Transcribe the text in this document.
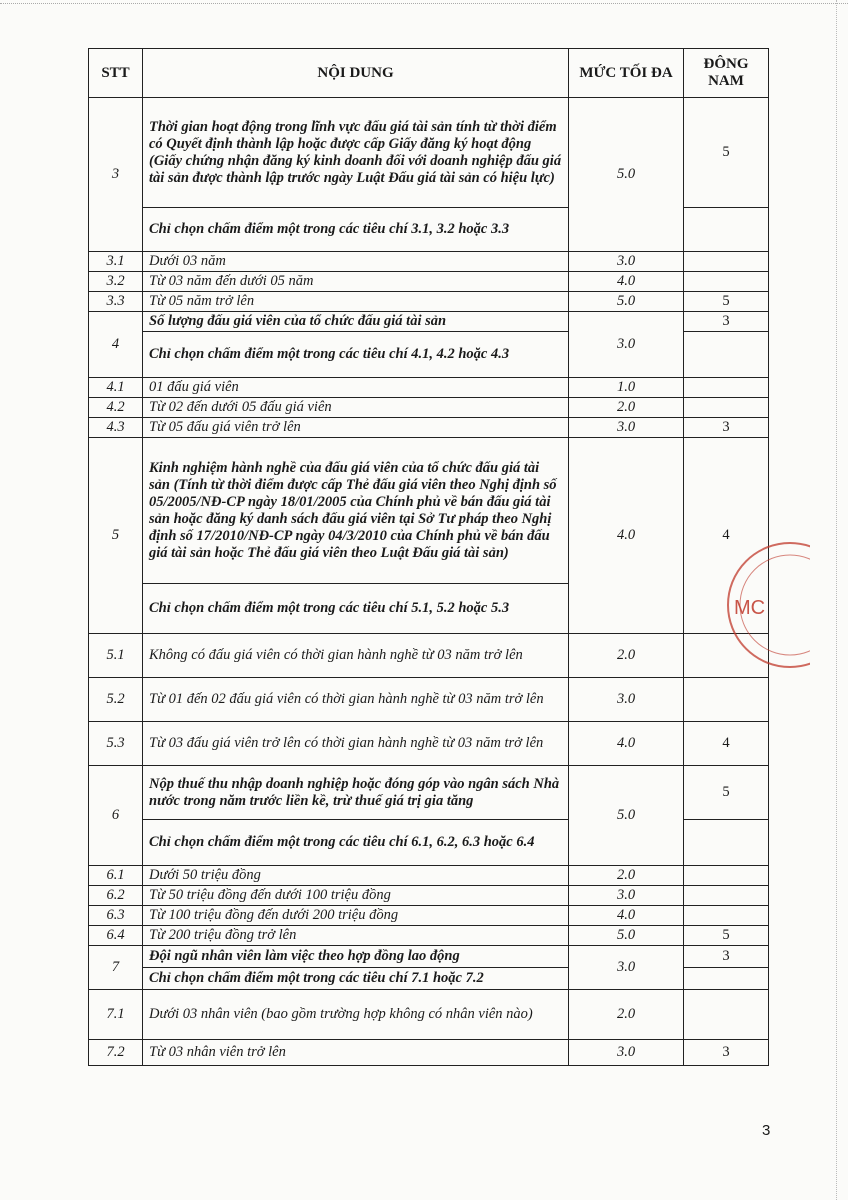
STT	NỘI DUNG	MỨC TỐI ĐA	ĐÔNG NAM
3	Thời gian hoạt động trong lĩnh vực đấu giá tài sản tính từ thời điểm có Quyết định thành lập hoặc được cấp Giấy đăng ký hoạt động (Giấy chứng nhận đăng ký kinh doanh đối với doanh nghiệp đấu giá tài sản được thành lập trước ngày Luật Đấu giá tài sản có hiệu lực)	5.0	5
	Chỉ chọn chấm điểm một trong các tiêu chí 3.1, 3.2 hoặc 3.3		
3.1	Dưới 03 năm	3.0	
3.2	Từ 03 năm đến dưới 05 năm	4.0	
3.3	Từ 05 năm trở lên	5.0	5
4	Số lượng đấu giá viên của tổ chức đấu giá tài sản	3.0	3
	Chỉ chọn chấm điểm một trong các tiêu chí 4.1, 4.2 hoặc 4.3		
4.1	01 đấu giá viên	1.0	
4.2	Từ 02 đến dưới 05 đấu giá viên	2.0	
4.3	Từ 05 đấu giá viên trở lên	3.0	3
5	Kinh nghiệm hành nghề của đấu giá viên của tổ chức đấu giá tài sản (Tính từ thời điểm được cấp Thẻ đấu giá viên theo Nghị định số 05/2005/NĐ-CP ngày 18/01/2005 của Chính phủ về bán đấu giá tài sản hoặc đăng ký danh sách đấu giá viên tại Sở Tư pháp theo Nghị định số 17/2010/NĐ-CP ngày 04/3/2010 của Chính phủ về bán đấu giá tài sản hoặc Thẻ đấu giá viên theo Luật Đấu giá tài sản)	4.0	4
	Chỉ chọn chấm điểm một trong các tiêu chí 5.1, 5.2 hoặc 5.3		
5.1	Không có đấu giá viên có thời gian hành nghề từ 03 năm trở lên	2.0	
5.2	Từ 01 đến 02 đấu giá viên có thời gian hành nghề từ 03 năm trở lên	3.0	
5.3	Từ 03 đấu giá viên trở lên có thời gian hành nghề từ 03 năm trở lên	4.0	4
6	Nộp thuế thu nhập doanh nghiệp hoặc đóng góp vào ngân sách Nhà nước trong năm trước liền kề, trừ thuế giá trị gia tăng	5.0	5
	Chỉ chọn chấm điểm một trong các tiêu chí 6.1, 6.2, 6.3 hoặc 6.4		
6.1	Dưới 50 triệu đồng	2.0	
6.2	Từ 50 triệu đồng đến dưới 100 triệu đồng	3.0	
6.3	Từ 100 triệu đồng đến dưới 200 triệu đồng	4.0	
6.4	Từ 200 triệu đồng trở lên	5.0	5
7	Đội ngũ nhân viên làm việc theo hợp đồng lao động	3.0	3
	Chỉ chọn chấm điểm một trong các tiêu chí 7.1 hoặc 7.2		
7.1	Dưới 03 nhân viên (bao gồm trường hợp không có nhân viên nào)	2.0	
7.2	Từ 03 nhân viên trở lên	3.0	3
MC
3
